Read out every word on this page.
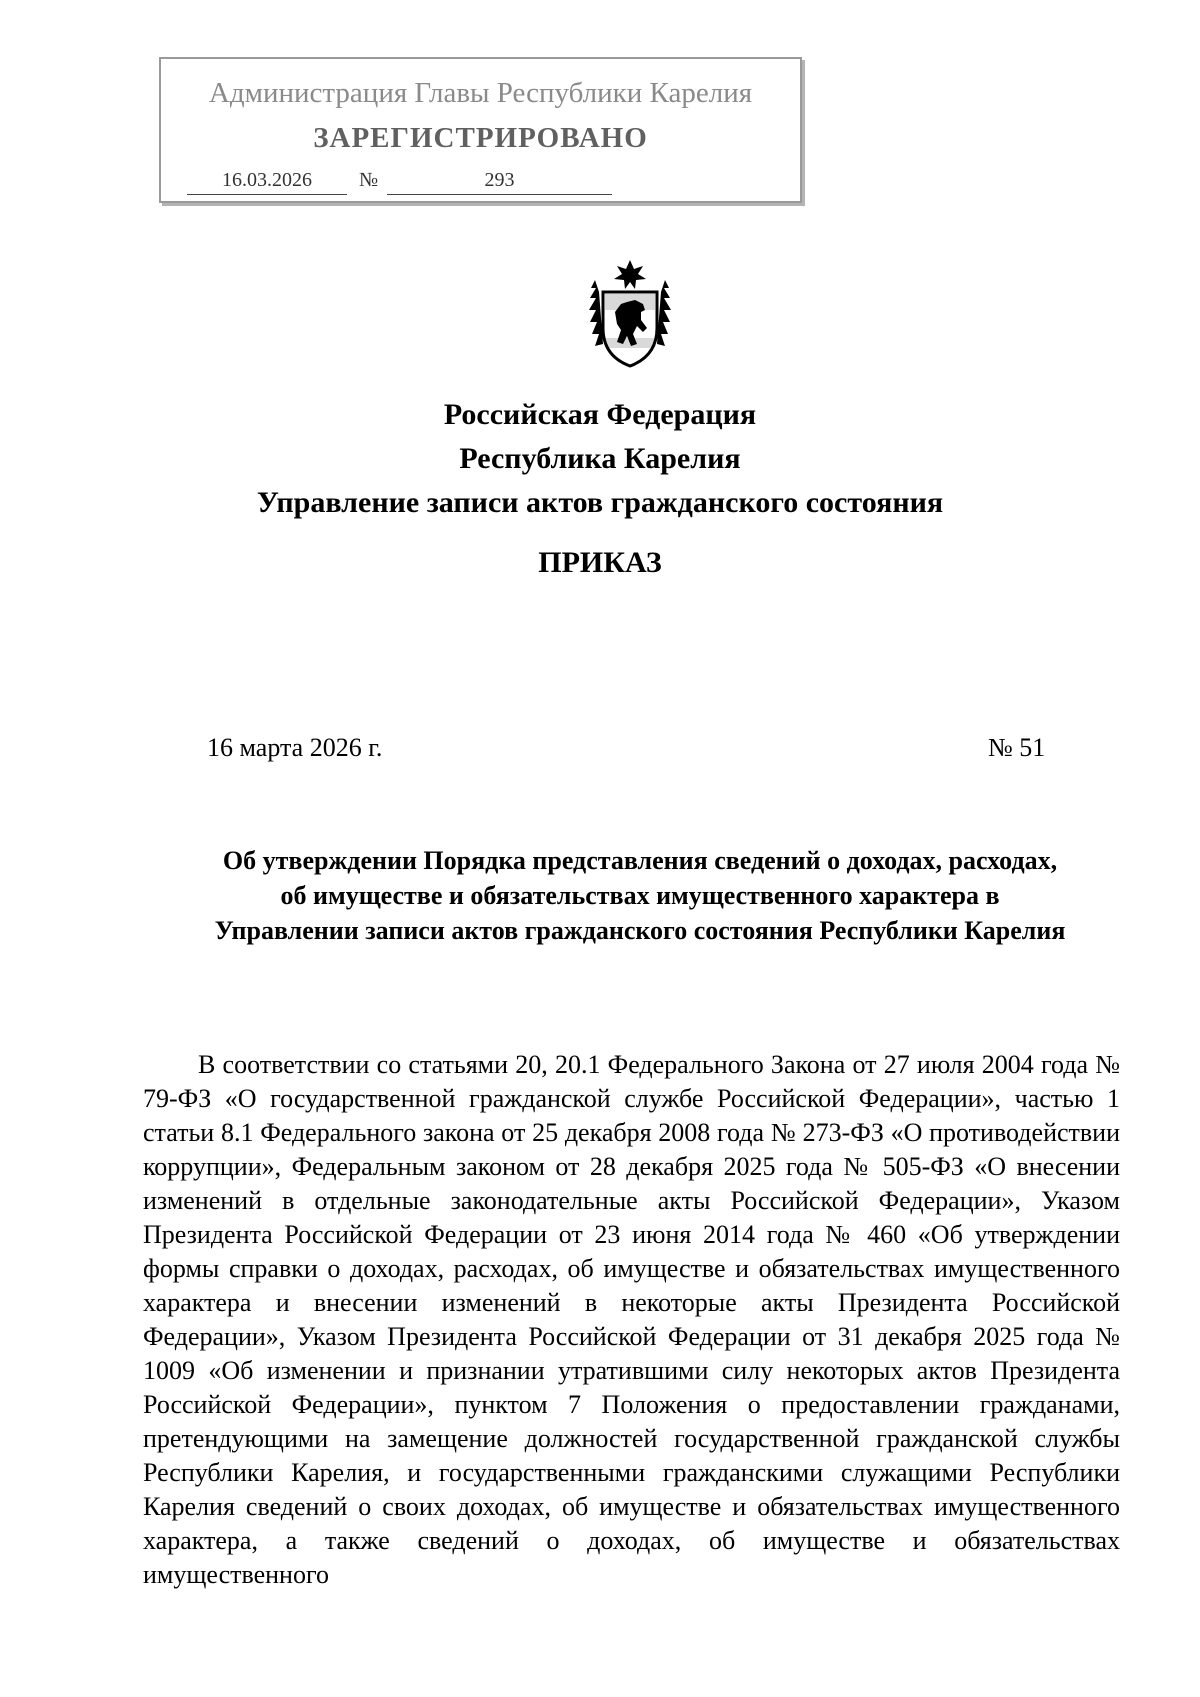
Администрация Главы Республики Карелия
ЗАРЕГИСТРИРОВАНО
16.03.2026	№	293
Российская Федерация
Республика Карелия
Управление записи актов гражданского состояния
ПРИКАЗ
16 марта 2026 г.	№ 51
Об утверждении Порядка представления сведений о доходах, расходах,
об имуществе и обязательствах имущественного характера в
Управлении записи актов гражданского состояния Республики Карелия

В соответствии со статьями 20, 20.1 Федерального Закона от 27 июля 2004 года № 79-ФЗ «О государственной гражданской службе Российской Федерации», частью 1 статьи 8.1 Федерального закона от 25 декабря 2008 года № 273-ФЗ «О противодействии коррупции», Федеральным законом от 28 декабря 2025 года № 505-ФЗ «О внесении изменений в отдельные законодательные акты Российской Федерации», Указом Президента Российской Федерации от 23 июня 2014 года № 460 «Об утверждении формы справки о доходах, расходах, об имуществе и обязательствах имущественного характера и внесении изменений в некоторые акты Президента Российской Федерации», Указом Президента Российской Федерации от 31 декабря 2025 года № 1009 «Об изменении и признании утратившими силу некоторых актов Президента Российской Федерации», пунктом 7 Положения о предоставлении гражданами, претендующими на замещение должностей государственной гражданской службы Республики Карелия, и государственными гражданскими служащими Республики Карелия сведений о своих доходах, об имуществе и обязательствах имущественного характера, а также сведений о доходах, об имуществе и обязательствах имущественного
